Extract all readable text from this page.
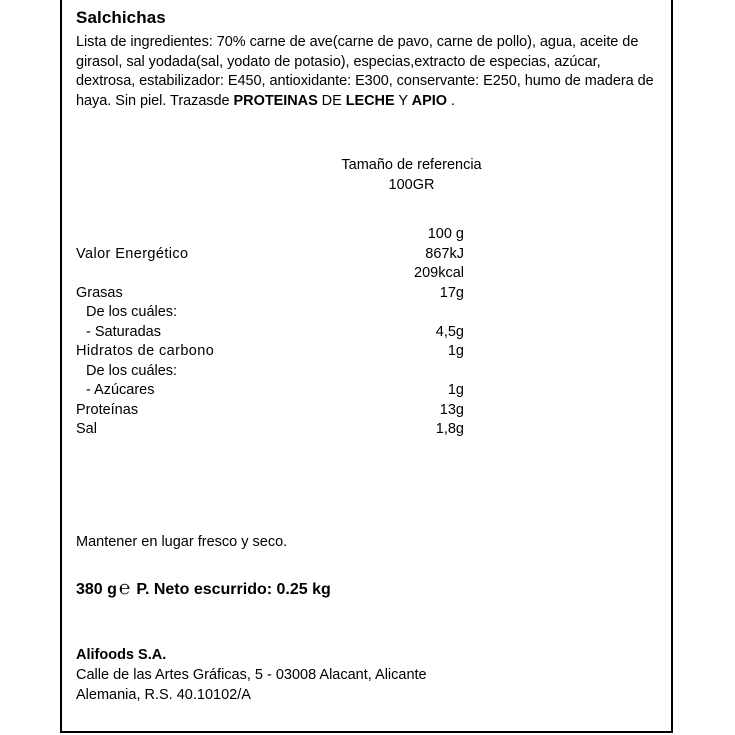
Salchichas

Lista de ingredientes: 70% carne de ave(carne de pavo, carne de pollo), agua, aceite de girasol, sal yodada(sal, yodato de potasio), especias,extracto de especias, azúcar, dextrosa, estabilizador: E450, antioxidante: E300, conservante: E250, humo de madera de haya. Sin piel. Trazasde PROTEINAS DE LECHE Y APIO .

Tamaño de referencia
100GR
	100 g
Valor Energético	867kJ
	209kcal
Grasas	17g
De los cuáles:	
- Saturadas	4,5g
Hidratos de carbono	1g
De los cuáles:	
- Azúcares	1g
Proteínas	13g
Sal	1,8g
Mantener en lugar fresco y seco.
380 g ℮ P. Neto escurrido: 0.25 kg
Alifoods S.A.
Calle de las Artes Gráficas, 5 - 03008 Alacant, Alicante
Alemania, R.S. 40.10102/A
